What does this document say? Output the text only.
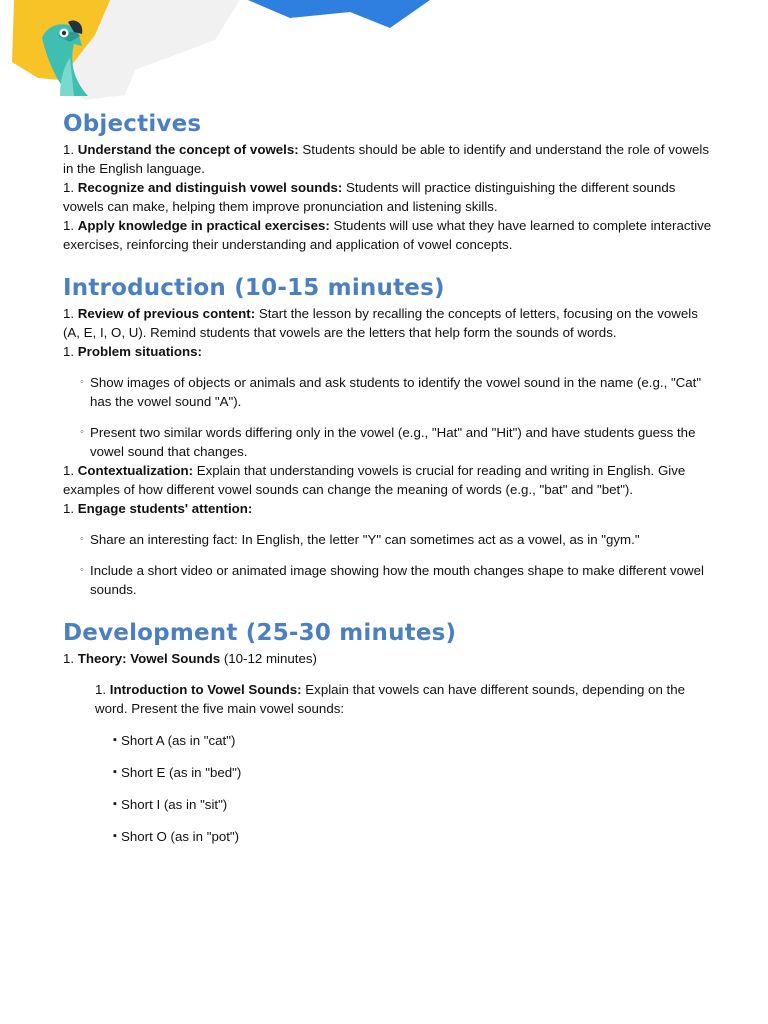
Objectives

1. Understand the concept of vowels: Students should be able to identify and understand the role of vowels in the English language.

1. Recognize and distinguish vowel sounds: Students will practice distinguishing the different sounds vowels can make, helping them improve pronunciation and listening skills.

1. Apply knowledge in practical exercises: Students will use what they have learned to complete interactive exercises, reinforcing their understanding and application of vowel concepts.

Introduction (10-15 minutes)

1. Review of previous content: Start the lesson by recalling the concepts of letters, focusing on the vowels (A, E, I, O, U). Remind students that vowels are the letters that help form the sounds of words.

1. Problem situations:

◦ Show images of objects or animals and ask students to identify the vowel sound in the name (e.g., "Cat" has the vowel sound "A").
◦ Present two similar words differing only in the vowel (e.g., "Hat" and "Hit") and have students guess the vowel sound that changes.

1. Contextualization: Explain that understanding vowels is crucial for reading and writing in English. Give examples of how different vowel sounds can change the meaning of words (e.g., "bat" and "bet").

1. Engage students' attention:

◦ Share an interesting fact: In English, the letter "Y" can sometimes act as a vowel, as in "gym."
◦ Include a short video or animated image showing how the mouth changes shape to make different vowel sounds.
Development (25-30 minutes)

1. Theory: Vowel Sounds (10-12 minutes)

1. Introduction to Vowel Sounds: Explain that vowels can have different sounds, depending on the word. Present the five main vowel sounds:

▪ Short A (as in "cat")
▪ Short E (as in "bed")
▪ Short I (as in "sit")
▪ Short O (as in "pot")
